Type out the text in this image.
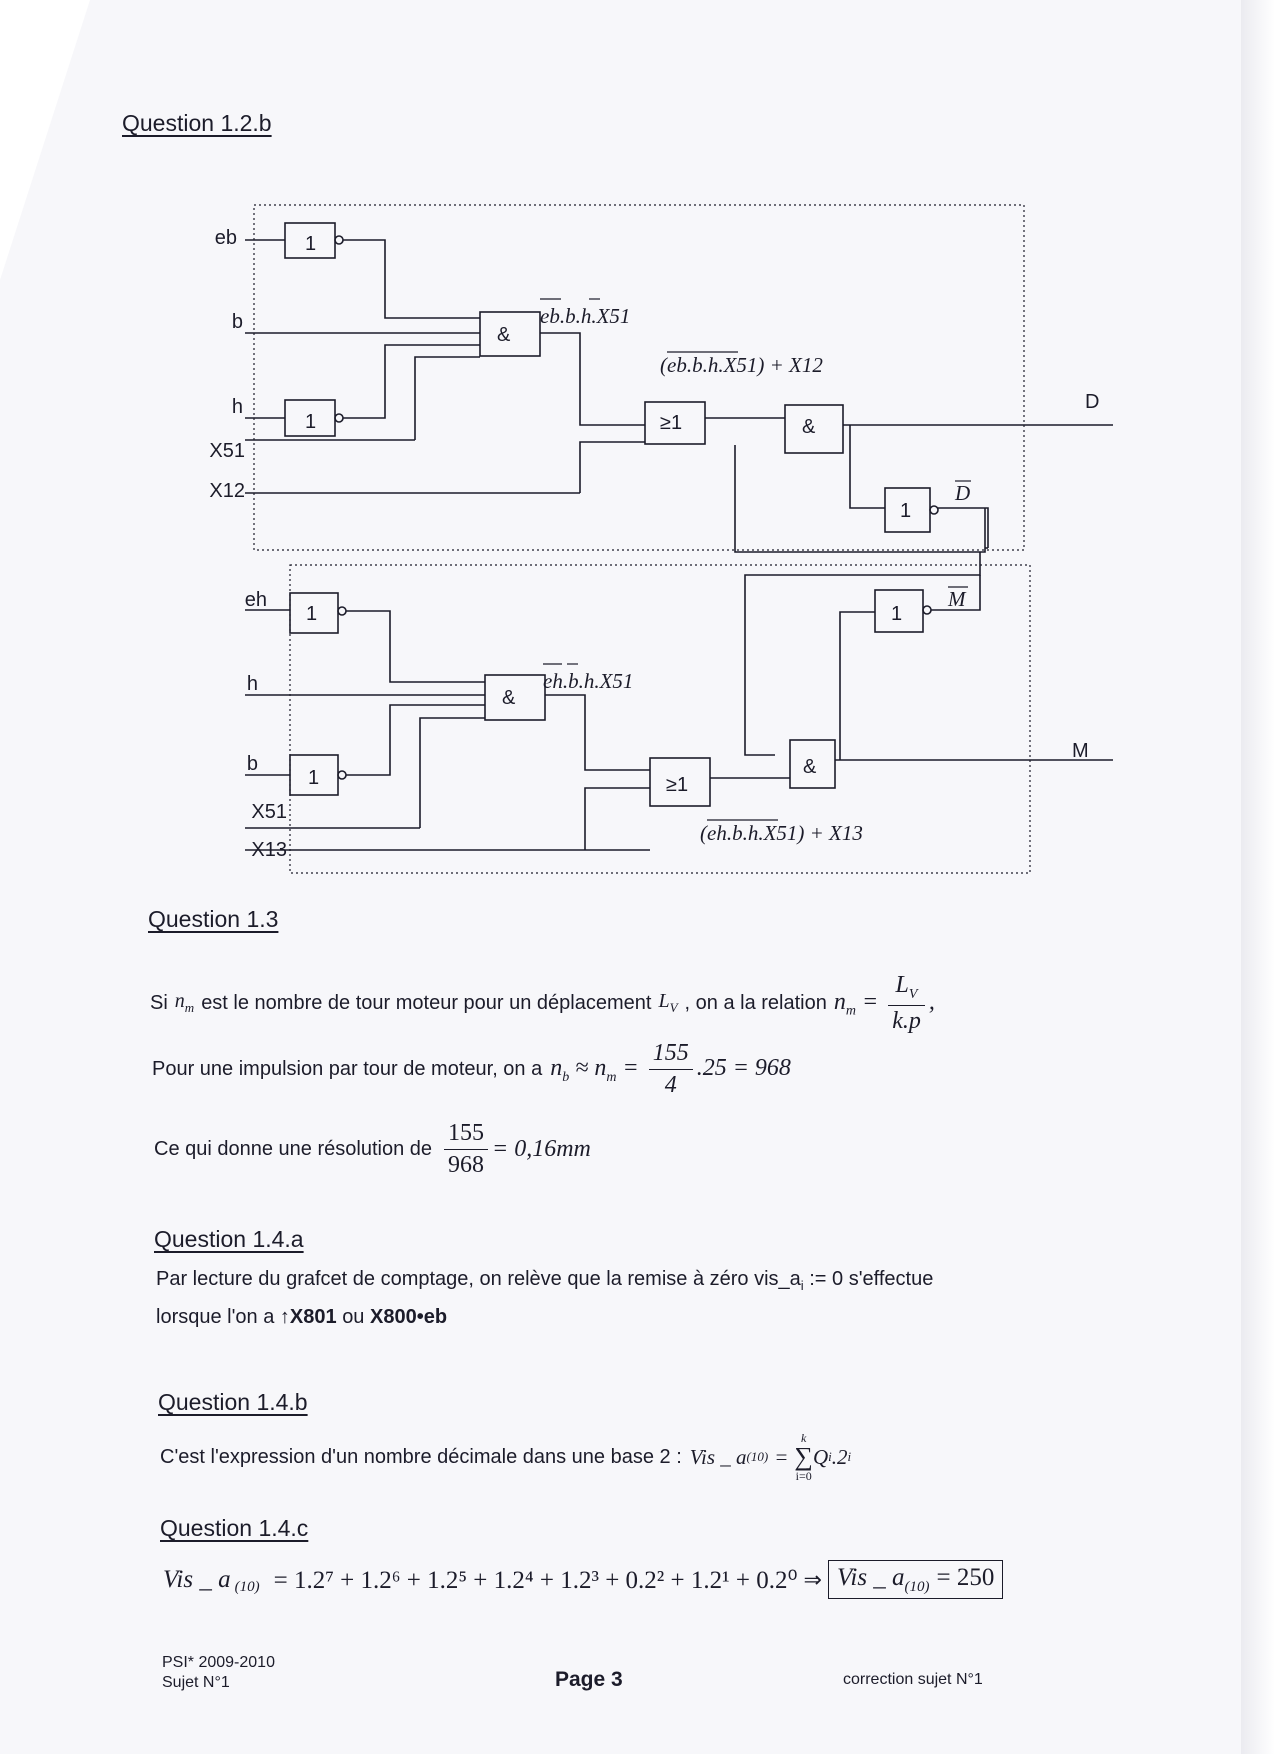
Question 1.2.b
eb
b
h
X51
X12
1
1
&
≥1	&
1
eb.b.h.X51
(eb.b.h.X51) + X12
D
D
eh
h
b
X51
X13
1
1
&
≥1
&
1
eh.b.h.X51
(eh.b.h.X51) + X13
M
M
Question 1.3
Si $n_m$ est le nombre de tour moteur pour un déplacement $L_V$ , on a la relation $n_m = \frac{L_V}{k.p}$ ,
Pour une impulsion par tour de moteur, on a $n_b \approx n_m = \frac{155}{4} .25 = 968$
Ce qui donne une résolution de $\frac{155}{968} = 0,16mm$
Question 1.4.a
Par lecture du grafcet de comptage, on relève que la remise à zéro $vis\_a_i$ := 0 s'effectue
lorsque l'on a ↑X801 ou X800•eb
Question 1.4.b
C'est l'expression d'un nombre décimale dans une base 2 : Vis _ a (10) =
k
∑
i=0
Q i .2 i
Question 1.4.c
Vis _ a $_{(10)}$ = 1.2⁷ + 1.2⁶ + 1.2⁵ + 1.2⁴ + 1.2³ + 0.2² + 1.2¹ + 0.2⁰ ⇒ Vis _ $a_{(10)} = 250$
PSI* 2009-2010
Sujet N°1	Page 3	correction sujet N°1
